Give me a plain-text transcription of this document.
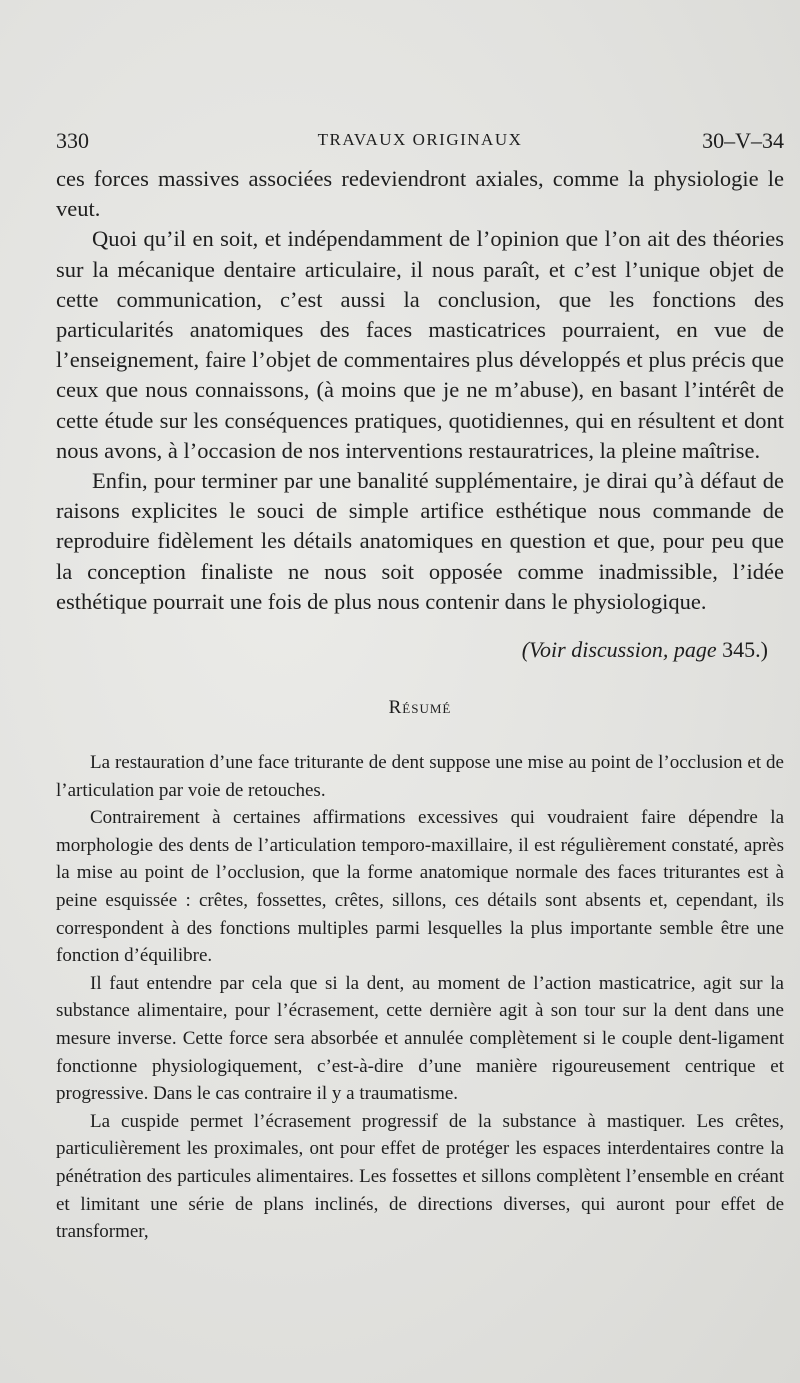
330	TRAVAUX ORIGINAUX	30–V–34

ces forces massives associées redeviendront axiales, comme la physiologie le veut.

Quoi qu’il en soit, et indépendamment de l’opinion que l’on ait des théories sur la mécanique dentaire articulaire, il nous paraît, et c’est l’unique objet de cette communication, c’est aussi la conclusion, que les fonctions des particularités anatomiques des faces masticatrices pourraient, en vue de l’enseignement, faire l’objet de commentaires plus développés et plus précis que ceux que nous connaissons, (à moins que je ne m’abuse), en basant l’intérêt de cette étude sur les conséquences pratiques, quotidiennes, qui en résultent et dont nous avons, à l’occasion de nos interventions restauratrices, la pleine maîtrise.

Enfin, pour terminer par une banalité supplémentaire, je dirai qu’à défaut de raisons explicites le souci de simple artifice esthétique nous commande de reproduire fidèlement les détails anatomiques en question et que, pour peu que la conception finaliste ne nous soit opposée comme inadmissible, l’idée esthétique pourrait une fois de plus nous contenir dans le physiologique.

(Voir discussion, page 345.)
Résumé

La restauration d’une face triturante de dent suppose une mise au point de l’occlusion et de l’articulation par voie de retouches.

Contrairement à certaines affirmations excessives qui voudraient faire dépendre la morphologie des dents de l’articulation temporo-maxillaire, il est régulièrement constaté, après la mise au point de l’occlusion, que la forme anatomique normale des faces triturantes est à peine esquissée : crêtes, fossettes, crêtes, sillons, ces détails sont absents et, cependant, ils correspondent à des fonctions multiples parmi lesquelles la plus importante semble être une fonction d’équilibre.

Il faut entendre par cela que si la dent, au moment de l’action masticatrice, agit sur la substance alimentaire, pour l’écrasement, cette dernière agit à son tour sur la dent dans une mesure inverse. Cette force sera absorbée et annulée complètement si le couple dent-ligament fonctionne physiologiquement, c’est-à-dire d’une manière rigoureusement centrique et progressive. Dans le cas contraire il y a traumatisme.

La cuspide permet l’écrasement progressif de la substance à mastiquer. Les crêtes, particulièrement les proximales, ont pour effet de protéger les espaces interdentaires contre la pénétration des particules alimentaires. Les fossettes et sillons complètent l’ensemble en créant et limitant une série de plans inclinés, de directions diverses, qui auront pour effet de transformer,
